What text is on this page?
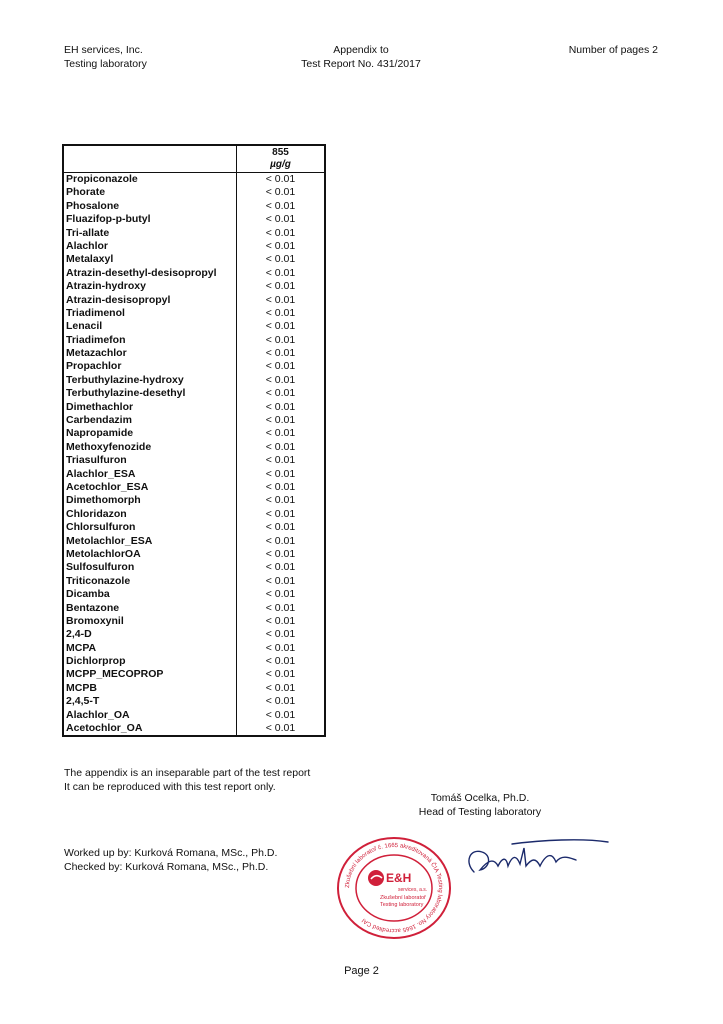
EH services, Inc.
Testing laboratory
Appendix to
Test Report No. 431/2017
Number of pages 2
855
µg/g
Propiconazole	< 0.01
Phorate	< 0.01
Phosalone	< 0.01
Fluazifop-p-butyl	< 0.01
Tri-allate	< 0.01
Alachlor	< 0.01
Metalaxyl	< 0.01
Atrazin-desethyl-desisopropyl	< 0.01
Atrazin-hydroxy	< 0.01
Atrazin-desisopropyl	< 0.01
Triadimenol	< 0.01
Lenacil	< 0.01
Triadimefon	< 0.01
Metazachlor	< 0.01
Propachlor	< 0.01
Terbuthylazine-hydroxy	< 0.01
Terbuthylazine-desethyl	< 0.01
Dimethachlor	< 0.01
Carbendazim	< 0.01
Napropamide	< 0.01
Methoxyfenozide	< 0.01
Triasulfuron	< 0.01
Alachlor_ESA	< 0.01
Acetochlor_ESA	< 0.01
Dimethomorph	< 0.01
Chloridazon	< 0.01
Chlorsulfuron	< 0.01
Metolachlor_ESA	< 0.01
MetolachlorOA	< 0.01
Sulfosulfuron	< 0.01
Triticonazole	< 0.01
Dicamba	< 0.01
Bentazone	< 0.01
Bromoxynil	< 0.01
2,4-D	< 0.01
MCPA	< 0.01
Dichlorprop	< 0.01
MCPP_MECOPROP	< 0.01
MCPB	< 0.01
2,4,5-T	< 0.01
Alachlor_OA	< 0.01
Acetochlor_OA	< 0.01
The appendix is an inseparable part of the test report
It can be reproduced with this test report only.
Tomáš Ocelka, Ph.D.
Head of Testing laboratory
Worked up by: Kurková Romana, MSc., Ph.D.
Checked by: Kurková Romana, MSc., Ph.D.
Zkušební laboratoř č. 1665 akreditovaná ČIA Testing laboratory No. 1665 accredited CAI
E&H
services, a.s.
Zkušební laboratoř
Testing laboratory
Page 2
